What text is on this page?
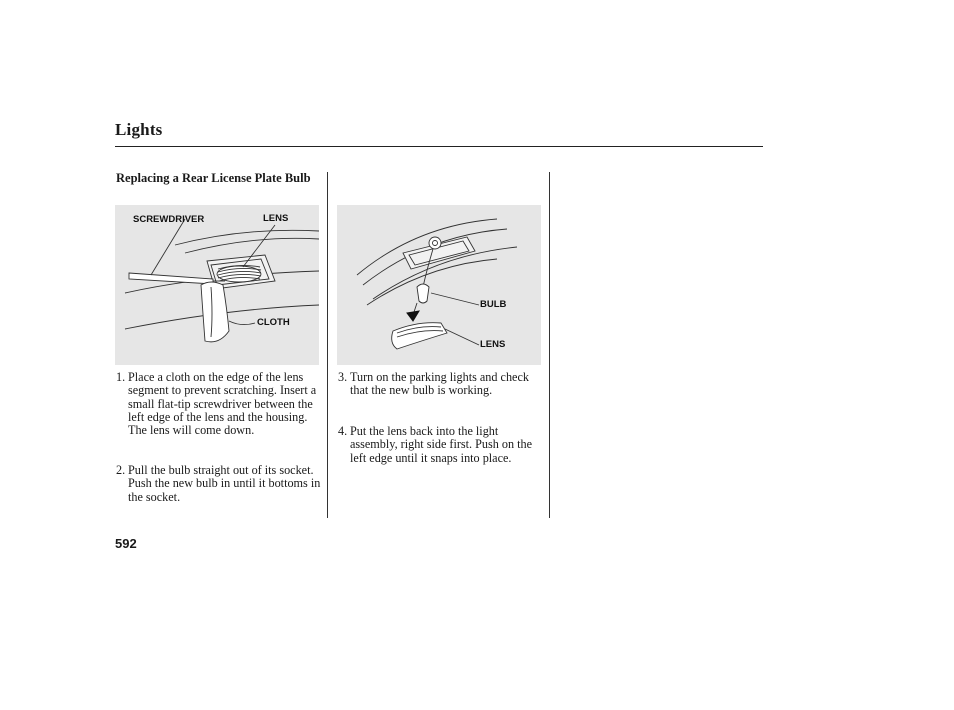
Lights
Replacing a Rear License Plate Bulb
SCREWDRIVER	LENS
CLOTH
BULB
LENS
1. Place a cloth on the edge of the lens segment to prevent scratching. Insert a small flat-tip screwdriver between the left edge of the lens and the housing. The lens will come down.
2. Pull the bulb straight out of its socket. Push the new bulb in until it bottoms in the socket.
3. Turn on the parking lights and check that the new bulb is working.
4. Put the lens back into the light assembly, right side first. Push on the left edge until it snaps into place.
592
